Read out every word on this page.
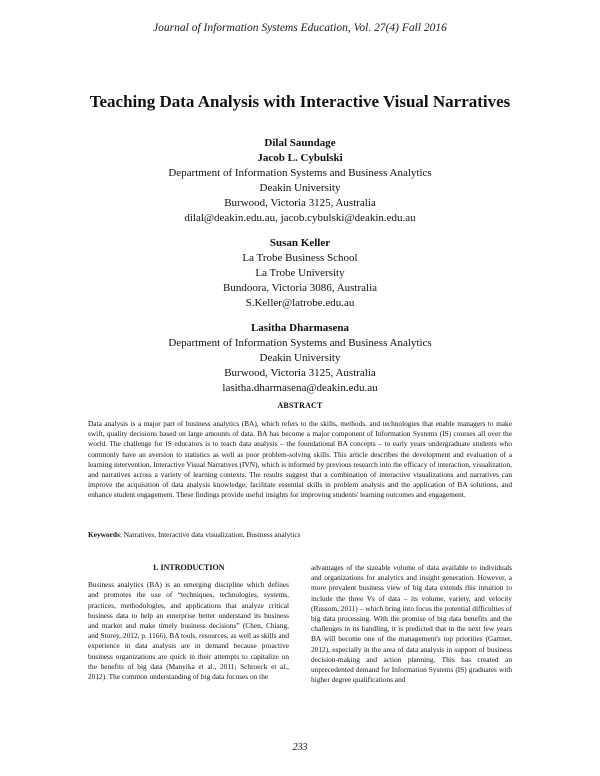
Journal of Information Systems Education, Vol. 27(4) Fall 2016
Teaching Data Analysis with Interactive Visual Narratives
Dilal Saundage
Jacob L. Cybulski
Department of Information Systems and Business Analytics
Deakin University
Burwood, Victoria 3125, Australia
dilal@deakin.edu.au, jacob.cybulski@deakin.edu.au
Susan Keller
La Trobe Business School
La Trobe University
Bundoora, Victoria 3086, Australia
S.Keller@latrobe.edu.au
Lasitha Dharmasena
Department of Information Systems and Business Analytics
Deakin University
Burwood, Victoria 3125, Australia
lasitha.dharmasena@deakin.edu.au
ABSTRACT

Data analysis is a major part of business analytics (BA), which refers to the skills, methods, and technologies that enable managers to make swift, quality decisions based on large amounts of data. BA has become a major component of Information Systems (IS) courses all over the world. The challenge for IS educators is to teach data analysis – the foundational BA concepts – to early years undergraduate students who commonly have an aversion to statistics as well as poor problem-solving skills. This article describes the development and evaluation of a learning intervention, Interactive Visual Narratives (IVN), which is informed by previous research into the efficacy of interaction, visualization, and narratives across a variety of learning contexts. The results suggest that a combination of interactive visualizations and narratives can improve the acquisition of data analysis knowledge, facilitate essential skills in problem analysis and the application of BA solutions, and enhance student engagement. These findings provide useful insights for improving students' learning outcomes and engagement.

Keywords: Narratives, Interactive data visualization, Business analytics

1. INTRODUCTION

Business analytics (BA) is an emerging discipline which defines and promotes the use of “techniques, technologies, systems, practices, methodologies, and applications that analyze critical business data to help an enterprise better understand its business and market and make timely business decisions” (Chen, Chiang, and Storey, 2012, p. 1166). BA tools, resources, as well as skills and experience in data analysis are in demand because proactive business organizations are quick in their attempts to capitalize on the benefits of big data (Manyika et al., 2011; Schroeck et al., 2012). The common understanding of big data focuses on the

advantages of the sizeable volume of data available to individuals and organizations for analytics and insight generation. However, a more prevalent business view of big data extends this intuition to include the three Vs of data – its volume, variety, and velocity (Russom, 2011) – which bring into focus the potential difficulties of big data processing. With the promise of big data benefits and the challenges in its handling, it is predicted that in the next few years BA will become one of the management's top priorities (Gartner, 2012), especially in the area of data analysis in support of business decision-making and action planning. This has created an unprecedented demand for Information Systems (IS) graduates with higher degree qualifications and

233
